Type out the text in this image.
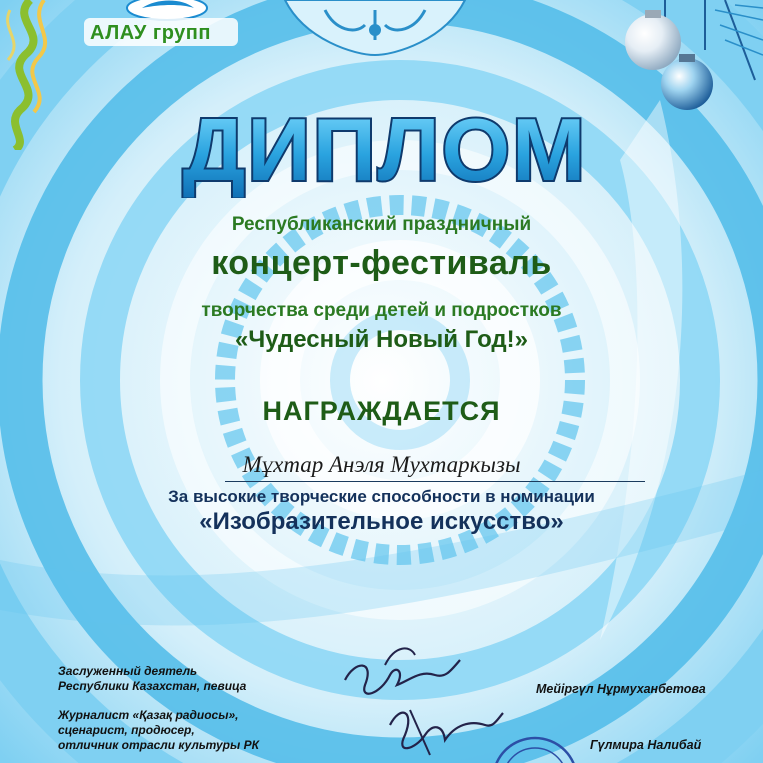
АЛАУ групп
ДИПЛОМ

Республиканский праздничный

концерт-фестиваль

творчества среди детей и подростков

«Чудесный Новый Год!»

НАГРАЖДАЕТСЯ

Мұхтар Анэля Мухтаркызы

За высокие творческие способности в номинации

«Изобразительное искусство»

Заслуженный деятель
Республики Казахстан, певица	Мейiргүл Нұрмуханбетова

Журналист «Қазақ радиосы»,
сценарист, продюсер,
отличник отрасли культуры РК	Гүлмира Налибай
